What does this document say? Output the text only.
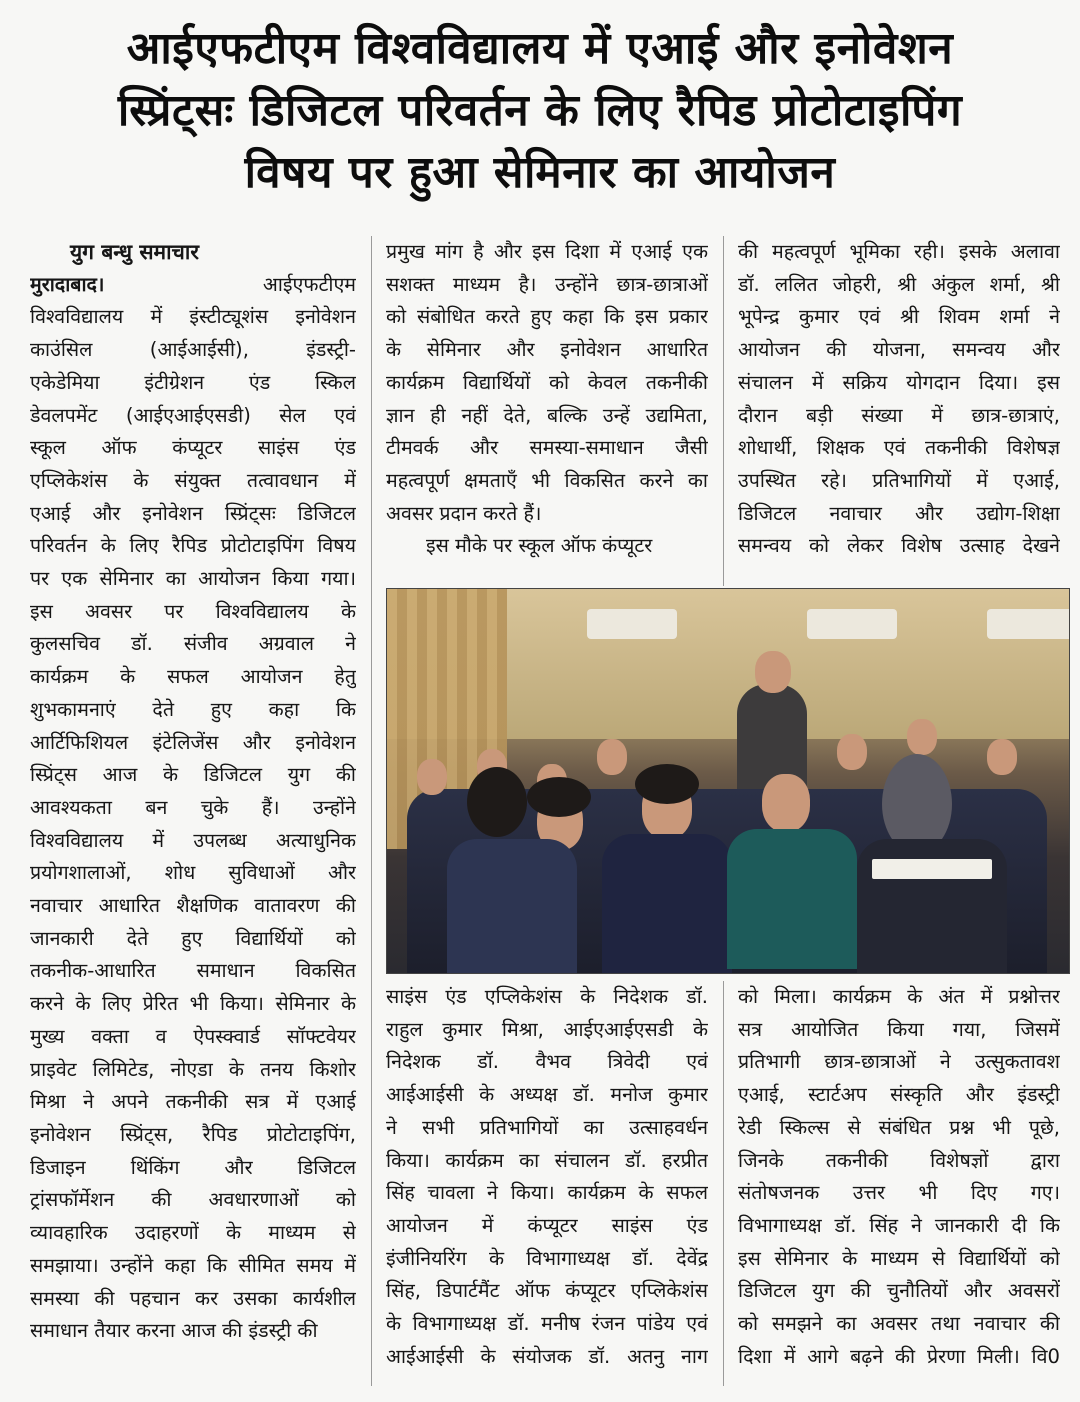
आईएफटीएम विश्वविद्यालय में एआई और इनोवेशन
स्प्रिंट्सः डिजिटल परिवर्तन के लिए रैपिड प्रोटोटाइपिंग
विषय पर हुआ सेमिनार का आयोजन
युग बन्धु समाचार
मुरादाबाद।	आईएफटीएम
विश्वविद्यालय में इंस्टीट्यूशंस इनोवेशन
काउंसिल (आईआईसी), इंडस्ट्री-
एकेडेमिया इंटीग्रेशन एंड स्किल
डेवलपमेंट (आईएआईएसडी) सेल एवं
स्कूल ऑफ कंप्यूटर साइंस एंड
एप्लिकेशंस के संयुक्त तत्वावधान में
एआई और इनोवेशन स्प्रिंट्सः डिजिटल
परिवर्तन के लिए रैपिड प्रोटोटाइपिंग विषय
पर एक सेमिनार का आयोजन किया गया।
इस अवसर पर विश्वविद्यालय के
कुलसचिव डॉ. संजीव अग्रवाल ने
कार्यक्रम के सफल आयोजन हेतु
शुभकामनाएं देते हुए कहा कि
आर्टिफिशियल इंटेलिजेंस और इनोवेशन
स्प्रिंट्स आज के डिजिटल युग की
आवश्यकता बन चुके हैं। उन्होंने
विश्वविद्यालय में उपलब्ध अत्याधुनिक
प्रयोगशालाओं, शोध सुविधाओं और
नवाचार आधारित शैक्षणिक वातावरण की
जानकारी देते हुए विद्यार्थियों को
तकनीक-आधारित समाधान विकसित
करने के लिए प्रेरित भी किया। सेमिनार के
मुख्य वक्ता व ऐपस्क्वार्ड सॉफ्टवेयर
प्राइवेट लिमिटेड, नोएडा के तनय किशोर
मिश्रा ने अपने तकनीकी सत्र में एआई
इनोवेशन स्प्रिंट्स, रैपिड प्रोटोटाइपिंग,
डिजाइन थिंकिंग और डिजिटल
ट्रांसफॉर्मेशन की अवधारणाओं को
व्यावहारिक उदाहरणों के माध्यम से
समझाया। उन्होंने कहा कि सीमित समय में
समस्या की पहचान कर उसका कार्यशील
समाधान तैयार करना आज की इंडस्ट्री की
प्रमुख मांग है और इस दिशा में एआई एक
सशक्त माध्यम है। उन्होंने छात्र-छात्राओं
को संबोधित करते हुए कहा कि इस प्रकार
के सेमिनार और इनोवेशन आधारित
कार्यक्रम विद्यार्थियों को केवल तकनीकी
ज्ञान ही नहीं देते, बल्कि उन्हें उद्यमिता,
टीमवर्क और समस्या-समाधान जैसी
महत्वपूर्ण क्षमताएँ भी विकसित करने का
अवसर प्रदान करते हैं।
इस मौके पर स्कूल ऑफ कंप्यूटर
की महत्वपूर्ण भूमिका रही। इसके अलावा
डॉ. ललित जोहरी, श्री अंकुल शर्मा, श्री
भूपेन्द्र कुमार एवं श्री शिवम शर्मा ने
आयोजन की योजना, समन्वय और
संचालन में सक्रिय योगदान दिया। इस
दौरान बड़ी संख्या में छात्र-छात्राएं,
शोधार्थी, शिक्षक एवं तकनीकी विशेषज्ञ
उपस्थित रहे। प्रतिभागियों में एआई,
डिजिटल नवाचार और उद्योग-शिक्षा
समन्वय को लेकर विशेष उत्साह देखने
साइंस एंड एप्लिकेशंस के निदेशक डॉ.
राहुल कुमार मिश्रा, आईएआईएसडी के
निदेशक डॉ. वैभव त्रिवेदी एवं
आईआईसी के अध्यक्ष डॉ. मनोज कुमार
ने सभी प्रतिभागियों का उत्साहवर्धन
किया। कार्यक्रम का संचालन डॉ. हरप्रीत
सिंह चावला ने किया। कार्यक्रम के सफल
आयोजन में कंप्यूटर साइंस एंड
इंजीनियरिंग के विभागाध्यक्ष डॉ. देवेंद्र
सिंह, डिपार्टमैंट ऑफ कंप्यूटर एप्लिकेशंस
के विभागाध्यक्ष डॉ. मनीष रंजन पांडेय एवं
आईआईसी के संयोजक डॉ. अतनु नाग
को मिला। कार्यक्रम के अंत में प्रश्नोत्तर
सत्र आयोजित किया गया, जिसमें
प्रतिभागी छात्र-छात्राओं ने उत्सुकतावश
एआई, स्टार्टअप संस्कृति और इंडस्ट्री
रेडी स्किल्स से संबंधित प्रश्न भी पूछे,
जिनके तकनीकी विशेषज्ञों द्वारा
संतोषजनक उत्तर भी दिए गए।
विभागाध्यक्ष डॉ. सिंह ने जानकारी दी कि
इस सेमिनार के माध्यम से विद्यार्थियों को
डिजिटल युग की चुनौतियों और अवसरों
को समझने का अवसर तथा नवाचार की
दिशा में आगे बढ़ने की प्रेरणा मिली। वि0
